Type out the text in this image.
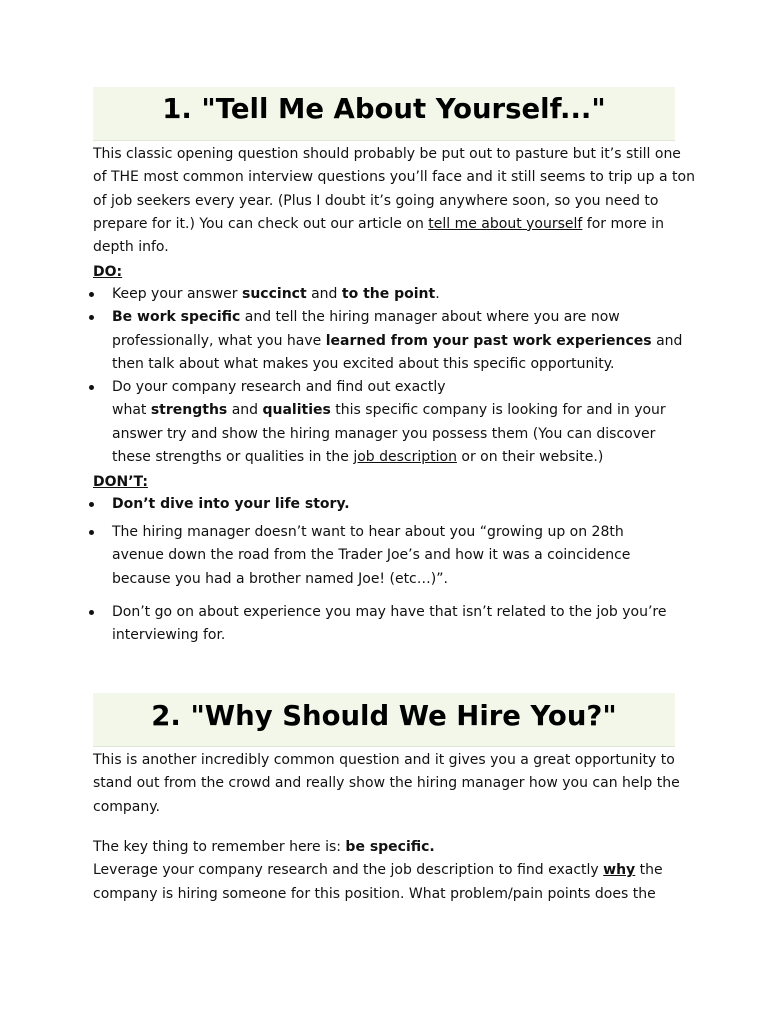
1. "Tell Me About Yourself..."
This classic opening question should probably be put out to pasture but it’s still one
of THE most common interview questions you’ll face and it still seems to trip up a ton
of job seekers every year. (Plus I doubt it’s going anywhere soon, so you need to
prepare for it.) You can check out our article on tell me about yourself for more in
depth info.
DO:
Keep your answer succinct and to the point.
Be work specific and tell the hiring manager about where you are now
professionally, what you have learned from your past work experiences and
then talk about what makes you excited about this specific opportunity.
Do your company research and find out exactly
what strengths and qualities this specific company is looking for and in your
answer try and show the hiring manager you possess them (You can discover
these strengths or qualities in the job description or on their website.)
DON’T:
Don’t dive into your life story.
The hiring manager doesn’t want to hear about you “growing up on 28th
avenue down the road from the Trader Joe’s and how it was a coincidence
because you had a brother named Joe! (etc…)”.
Don’t go on about experience you may have that isn’t related to the job you’re
interviewing for.
2. "Why Should We Hire You?"
This is another incredibly common question and it gives you a great opportunity to
stand out from the crowd and really show the hiring manager how you can help the
company.
The key thing to remember here is: be specific.
Leverage your company research and the job description to find exactly why the
company is hiring someone for this position. What problem/pain points does the
